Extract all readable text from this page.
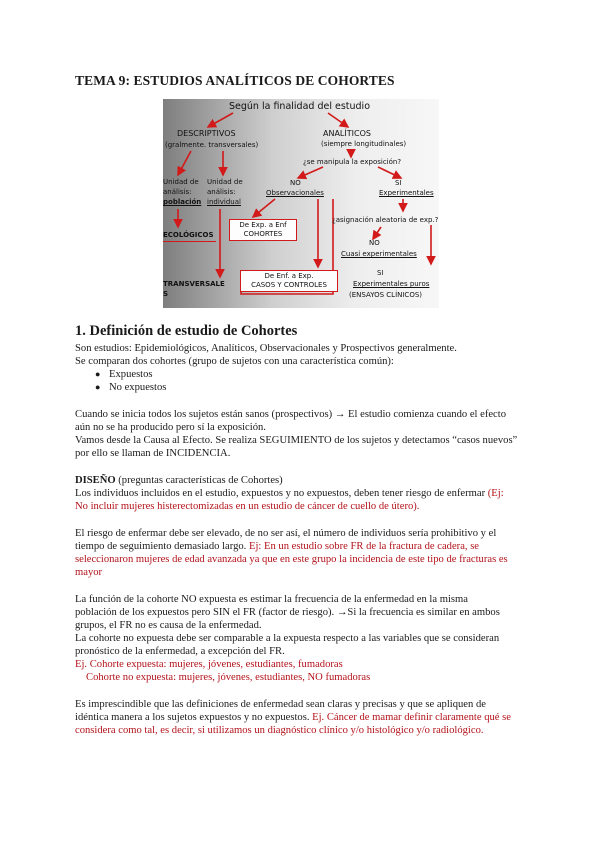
TEMA 9: ESTUDIOS ANALÍTICOS DE COHORTES
Según la finalidad del estudio
DESCRIPTIVOS
(gralmente. transversales)
ANALÍTICOS
(siempre longitudinales)
¿se manipula la exposición?
NO
Observacionales
SI
Experimentales
Unidad de
análisis:
población
Unidad de
análisis:
individual
ECOLÓGICOS
De Exp. a Enf
COHORTES
¿asignación aleatoria de exp.?
NO
Cuasi experimentales
TRANSVERSALE
S
De Enf. a Exp.
CASOS Y CONTROLES
SI
Experimentales puros
(ENSAYOS CLÍNICOS)
1. Definición de estudio de Cohortes
Son estudios: Epidemiológicos, Analíticos, Observacionales y Prospectivos generalmente.
Se comparan dos cohortes (grupo de sujetos con una característica común):
● Expuestos
● No expuestos
Cuando se inicia todos los sujetos están sanos (prospectivos) → El estudio comienza cuando el efecto
aún no se ha producido pero sí la exposición.
Vamos desde la Causa al Efecto. Se realiza SEGUIMIENTO de los sujetos y detectamos “casos nuevos”
por ello se llaman de INCIDENCIA.
DISEÑO (preguntas características de Cohortes)
Los individuos incluidos en el estudio, expuestos y no expuestos, deben tener riesgo de enfermar (Ej:
No incluir mujeres histerectomizadas en un estudio de cáncer de cuello de útero).
El riesgo de enfermar debe ser elevado, de no ser así, el número de individuos sería prohibitivo y el
tiempo de seguimiento demasiado largo. Ej: En un estudio sobre FR de la fractura de cadera, se
seleccionaron mujeres de edad avanzada ya que en este grupo la incidencia de este tipo de fracturas es
mayor
La función de la cohorte NO expuesta es estimar la frecuencia de la enfermedad en la misma
población de los expuestos pero SIN el FR (factor de riesgo). →Si la frecuencia es similar en ambos
grupos, el FR no es causa de la enfermedad.
La cohorte no expuesta debe ser comparable a la expuesta respecto a las variables que se consideran
pronóstico de la enfermedad, a excepción del FR.
Ej. Cohorte expuesta: mujeres, jóvenes, estudiantes, fumadoras
Cohorte no expuesta: mujeres, jóvenes, estudiantes, NO fumadoras
Es imprescindible que las definiciones de enfermedad sean claras y precisas y que se apliquen de
idéntica manera a los sujetos expuestos y no expuestos. Ej. Cáncer de mamar definir claramente qué se
considera como tal, es decir, si utilizamos un diagnóstico clínico y/o histológico y/o radiológico.
